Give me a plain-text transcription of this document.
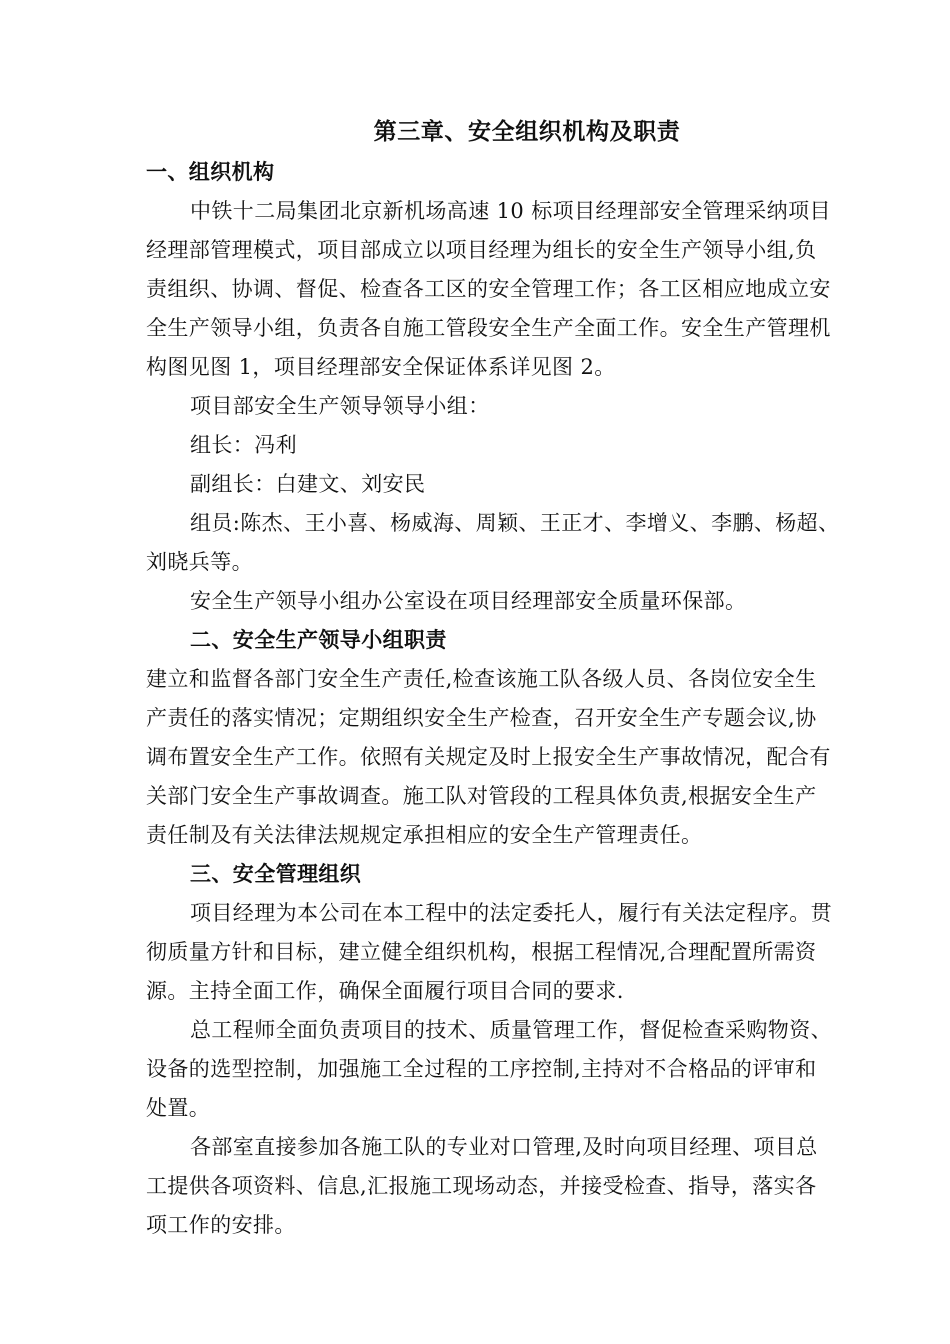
第三章、安全组织机构及职责
一、组织机构
中铁十二局集团北京新机场高速 10 标项目经理部安全管理采纳项目
经理部管理模式，项目部成立以项目经理为组长的安全生产领导小组,负
责组织、协调、督促、检查各工区的安全管理工作；各工区相应地成立安
全生产领导小组，负责各自施工管段安全生产全面工作。安全生产管理机
构图见图 1，项目经理部安全保证体系详见图 2。
项目部安全生产领导领导小组：
组长：冯利
副组长：白建文、刘安民
组员:陈杰、王小喜、杨威海、周颖、王正才、李增义、李鹏、杨超、
刘晓兵等。
安全生产领导小组办公室设在项目经理部安全质量环保部。
二、安全生产领导小组职责
建立和监督各部门安全生产责任,检查该施工队各级人员、各岗位安全生
产责任的落实情况；定期组织安全生产检查，召开安全生产专题会议,协
调布置安全生产工作。依照有关规定及时上报安全生产事故情况，配合有
关部门安全生产事故调查。施工队对管段的工程具体负责,根据安全生产
责任制及有关法律法规规定承担相应的安全生产管理责任。
三、安全管理组织
项目经理为本公司在本工程中的法定委托人，履行有关法定程序。贯
彻质量方针和目标，建立健全组织机构，根据工程情况,合理配置所需资
源。主持全面工作，确保全面履行项目合同的要求.
总工程师全面负责项目的技术、质量管理工作，督促检查采购物资、
设备的选型控制，加强施工全过程的工序控制,主持对不合格品的评审和
处置。
各部室直接参加各施工队的专业对口管理,及时向项目经理、项目总
工提供各项资料、信息,汇报施工现场动态，并接受检查、指导，落实各
项工作的安排。
